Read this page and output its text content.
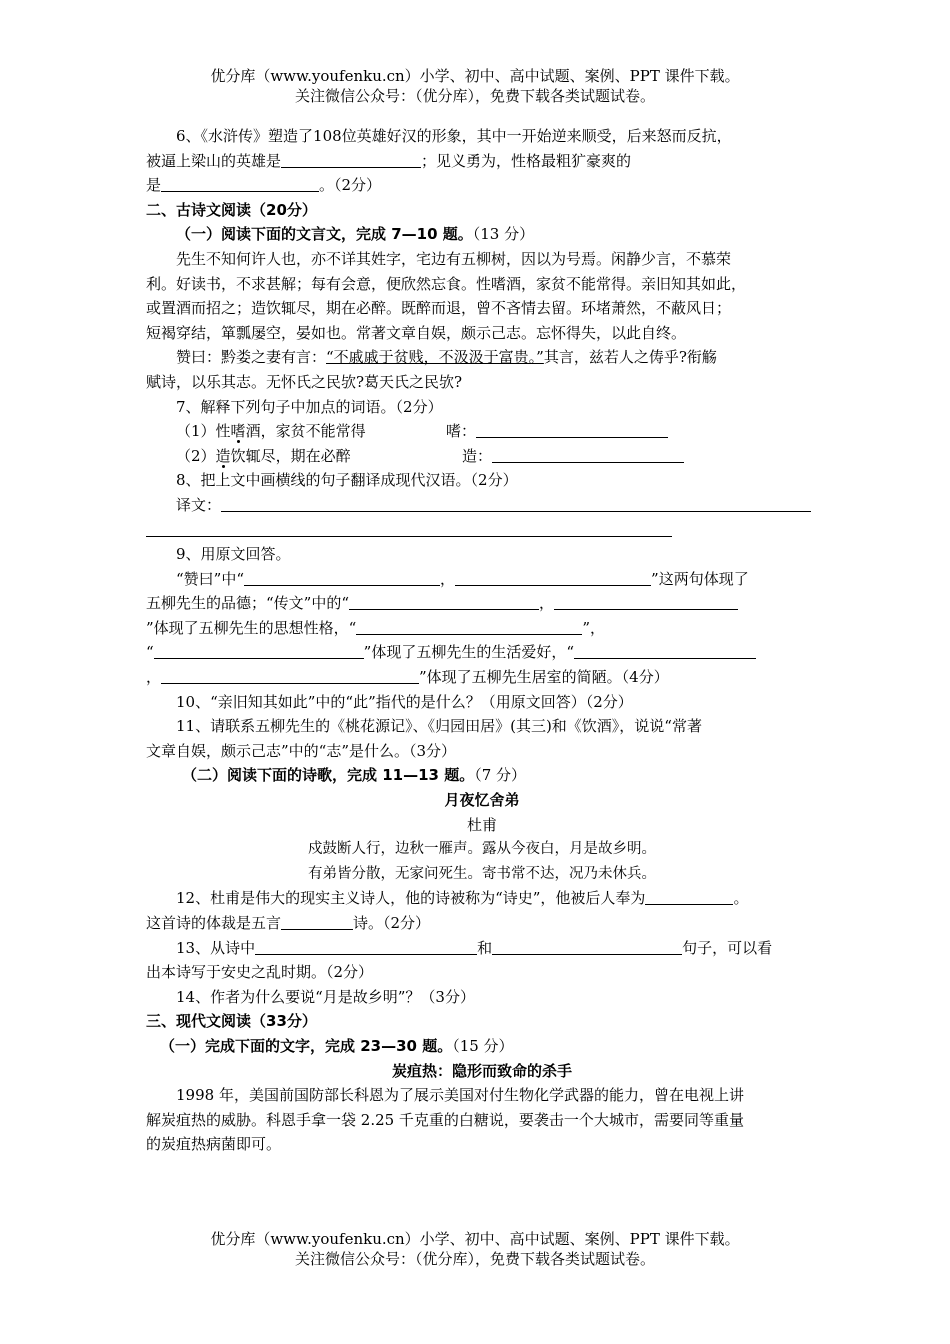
优分库（www.youfenku.cn）小学、初中、高中试题、案例、PPT 课件下载。
关注微信公众号：（优分库），免费下载各类试题试卷。
6、《水浒传》塑造了108位英雄好汉的形象，其中一开始逆来顺受，后来怒而反抗，
被逼上梁山的英雄是	；见义勇为，性格最粗犷豪爽的
是	。（2分）
二、古诗文阅读（20分）
（一）阅读下面的文言文，完成 7—10 题。（13 分）
先生不知何许人也，亦不详其姓字，宅边有五柳树，因以为号焉。闲静少言，不慕荣
利。好读书，不求甚解；每有会意，便欣然忘食。性嗜酒，家贫不能常得。亲旧知其如此，
或置酒而招之；造饮辄尽，期在必醉。既醉而退，曾不吝情去留。环堵萧然，不蔽风日；
短褐穿结，箪瓢屡空，晏如也。常著文章自娱，颇示己志。忘怀得失，以此自终。
赞曰：黔娄之妻有言：“不戚戚于贫贱，不汲汲于富贵。”其言，兹若人之俦乎?衔觞
赋诗，以乐其志。无怀氏之民欤?葛天氏之民欤?
7、解释下列句子中加点的词语。（2分）
（1）性嗜酒，家贫不能常得	嗜：
（2）造饮辄尽，期在必醉	造：
8、把上文中画横线的句子翻译成现代汉语。（2分）
译文：
9、用原文回答。
“赞曰”中“	，	”这两句体现了
五柳先生的品德；“传文”中的“	，
”体现了五柳先生的思想性格，“	”，
“	”体现了五柳先生的生活爱好，“
，	”体现了五柳先生居室的简陋。（4分）
10、“亲旧知其如此”中的“此”指代的是什么？（用原文回答）（2分）
11、请联系五柳先生的《桃花源记》、《归园田居》(其三)和《饮酒》，说说“常著
文章自娱，颇示己志”中的“志”是什么。（3分）
（二）阅读下面的诗歌，完成 11—13 题。（7 分）
月夜忆舍弟
杜甫
戍鼓断人行，边秋一雁声。露从今夜白，月是故乡明。
有弟皆分散，无家问死生。寄书常不达，况乃未休兵。
12、杜甫是伟大的现实主义诗人，他的诗被称为“诗史”，他被后人奉为	。
这首诗的体裁是五言	诗。（2分）
13、从诗中	和	句子，可以看
出本诗写于安史之乱时期。（2分）
14、作者为什么要说“月是故乡明”？（3分）
三、现代文阅读（33分）
（一）完成下面的文字，完成 23—30 题。（15 分）
炭疽热：隐形而致命的杀手
1998 年，美国前国防部长科恩为了展示美国对付生物化学武器的能力，曾在电视上讲
解炭疽热的威胁。科恩手拿一袋 2.25 千克重的白糖说，要袭击一个大城市，需要同等重量
的炭疽热病菌即可。
优分库（www.youfenku.cn）小学、初中、高中试题、案例、PPT 课件下载。
关注微信公众号：（优分库），免费下载各类试题试卷。
